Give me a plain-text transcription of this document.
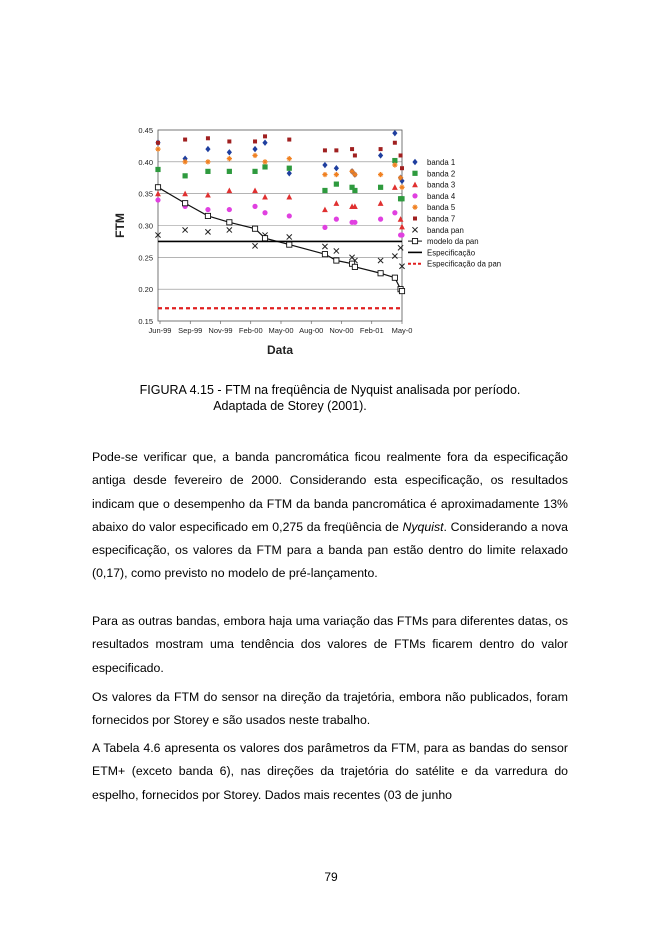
0.45
0.40
0.35
0.30
0.25
0.20
0.15
Jun-99 Sep-99 Nov-99 Feb-00 May-00 Aug-00 Nov-00 Feb-01 May-0
FTM
Data
banda 1
banda 2
banda 3
banda 4
banda 5
banda 7
banda pan
modelo da pan
Especificação
Especificação da pan
FIGURA 4.15 - FTM na freqüência de Nyquist analisada por período.
Adaptada de Storey (2001).
Pode-se verificar que, a banda pancromática ficou realmente fora da especificação antiga desde fevereiro de 2000. Considerando esta especificação, os resultados indicam que o desempenho da FTM da banda pancromática é aproximadamente 13% abaixo do valor especificado em 0,275 da freqüência de Nyquist. Considerando a nova especificação, os valores da FTM para a banda pan estão dentro do limite relaxado (0,17), como previsto no modelo de pré-lançamento.
Para as outras bandas, embora haja uma variação das FTMs para diferentes datas, os resultados mostram uma tendência dos valores de FTMs ficarem dentro do valor especificado.
Os valores da FTM do sensor na direção da trajetória, embora não publicados, foram fornecidos por Storey e são usados neste trabalho.
A Tabela 4.6 apresenta os valores dos parâmetros da FTM, para as bandas do sensor ETM+ (exceto banda 6), nas direções da trajetória do satélite e da varredura do espelho, fornecidos por Storey. Dados mais recentes (03 de junho
79
